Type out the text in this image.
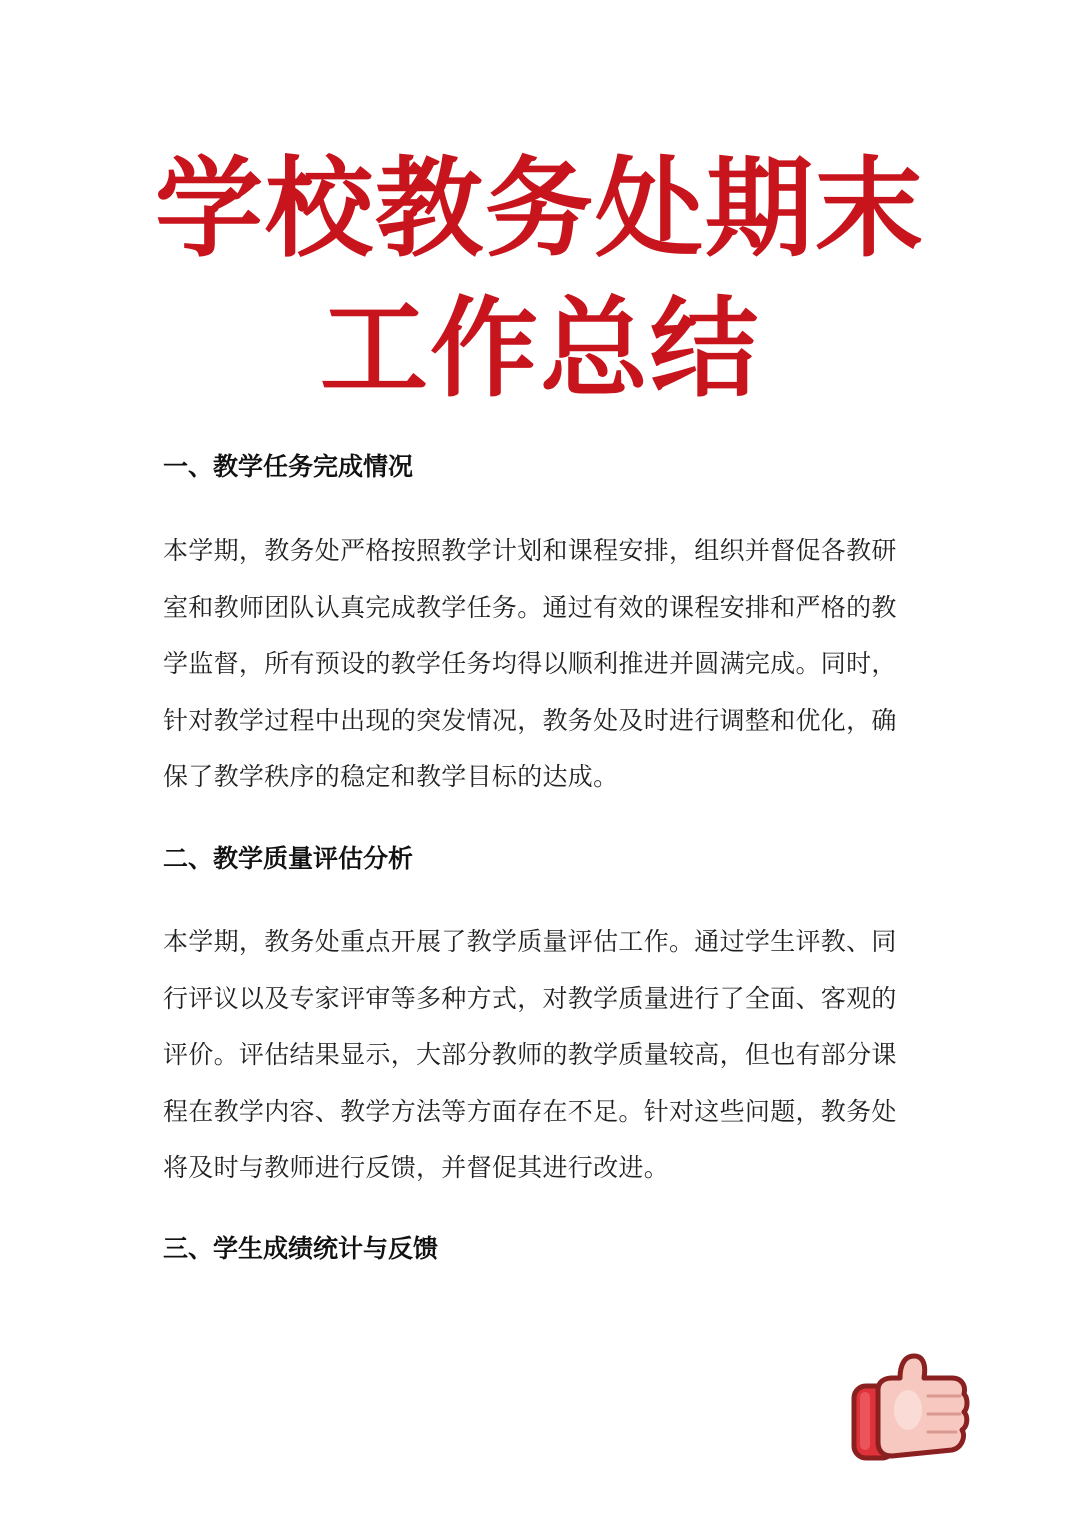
学校教务处期末
工作总结
一、教学任务完成情况
本学期，教务处严格按照教学计划和课程安排，组织并督促各教研
室和教师团队认真完成教学任务。通过有效的课程安排和严格的教
学监督，所有预设的教学任务均得以顺利推进并圆满完成。同时，
针对教学过程中出现的突发情况，教务处及时进行调整和优化，确
保了教学秩序的稳定和教学目标的达成。
二、教学质量评估分析
本学期，教务处重点开展了教学质量评估工作。通过学生评教、同
行评议以及专家评审等多种方式，对教学质量进行了全面、客观的
评价。评估结果显示，大部分教师的教学质量较高，但也有部分课
程在教学内容、教学方法等方面存在不足。针对这些问题，教务处
将及时与教师进行反馈，并督促其进行改进。
三、学生成绩统计与反馈
